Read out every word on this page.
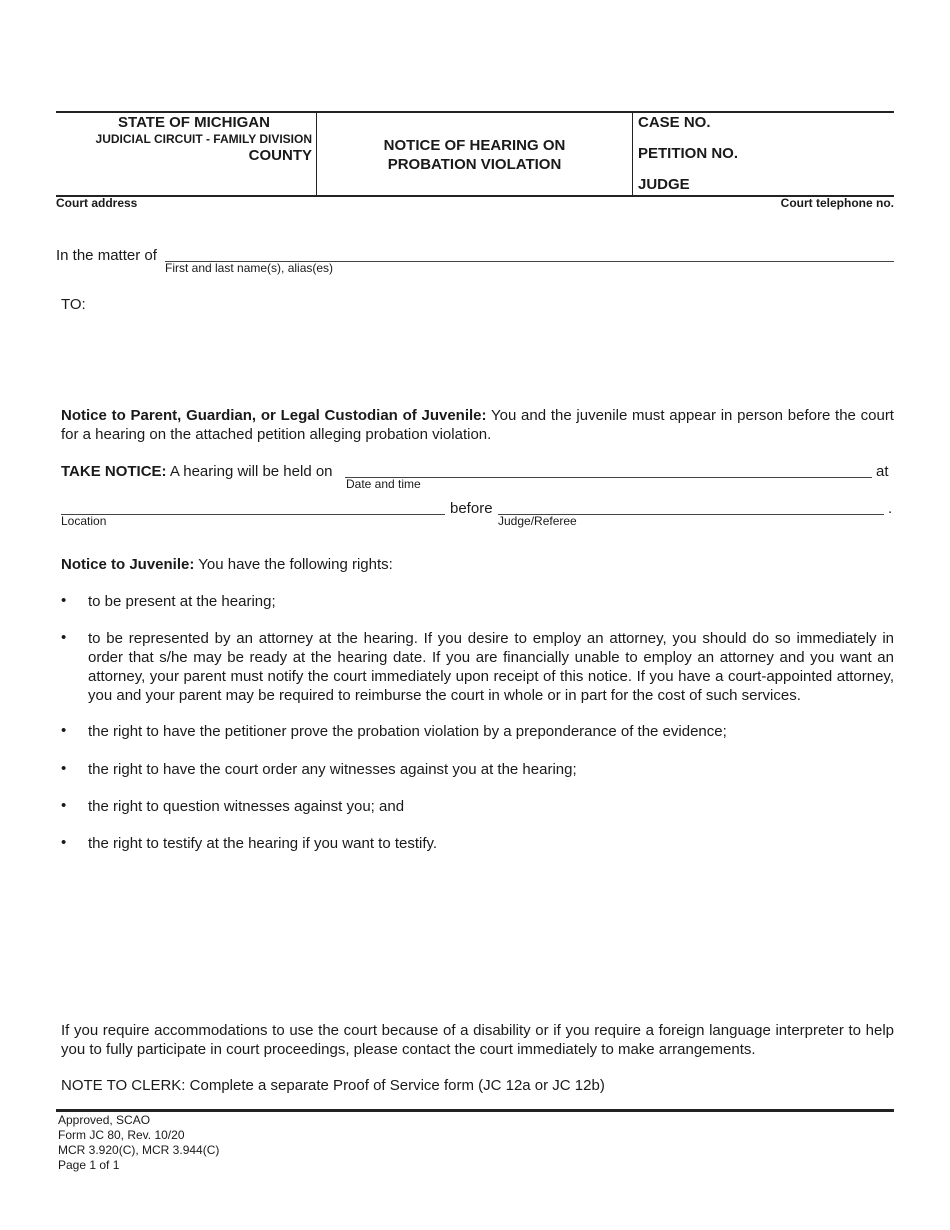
STATE OF MICHIGAN
JUDICIAL CIRCUIT - FAMILY DIVISION
COUNTY
NOTICE OF HEARING ON
PROBATION VIOLATION
CASE NO.
PETITION NO.
JUDGE
Court address	Court telephone no.
In the matter of
First and last name(s), alias(es)
TO:
Notice to Parent, Guardian, or Legal Custodian of Juvenile: You and the juvenile must appear in person before the court for a hearing on the attached petition alleging probation violation.
TAKE NOTICE: A hearing will be held on	at
Date and time
before	.
Location	Judge/Referee
Notice to Juvenile: You have the following rights:
• to be present at the hearing;
• to be represented by an attorney at the hearing. If you desire to employ an attorney, you should do so immediately in order that s/he may be ready at the hearing date. If you are financially unable to employ an attorney and you want an attorney, your parent must notify the court immediately upon receipt of this notice. If you have a court-appointed attorney, you and your parent may be required to reimburse the court in whole or in part for the cost of such services.
• the right to have the petitioner prove the probation violation by a preponderance of the evidence;
• the right to have the court order any witnesses against you at the hearing;
• the right to question witnesses against you; and
• the right to testify at the hearing if you want to testify.
If you require accommodations to use the court because of a disability or if you require a foreign language interpreter to help you to fully participate in court proceedings, please contact the court immediately to make arrangements.
NOTE TO CLERK: Complete a separate Proof of Service form (JC 12a or JC 12b)
Approved, SCAO
Form JC 80, Rev. 10/20
MCR 3.920(C), MCR 3.944(C)
Page 1 of 1
